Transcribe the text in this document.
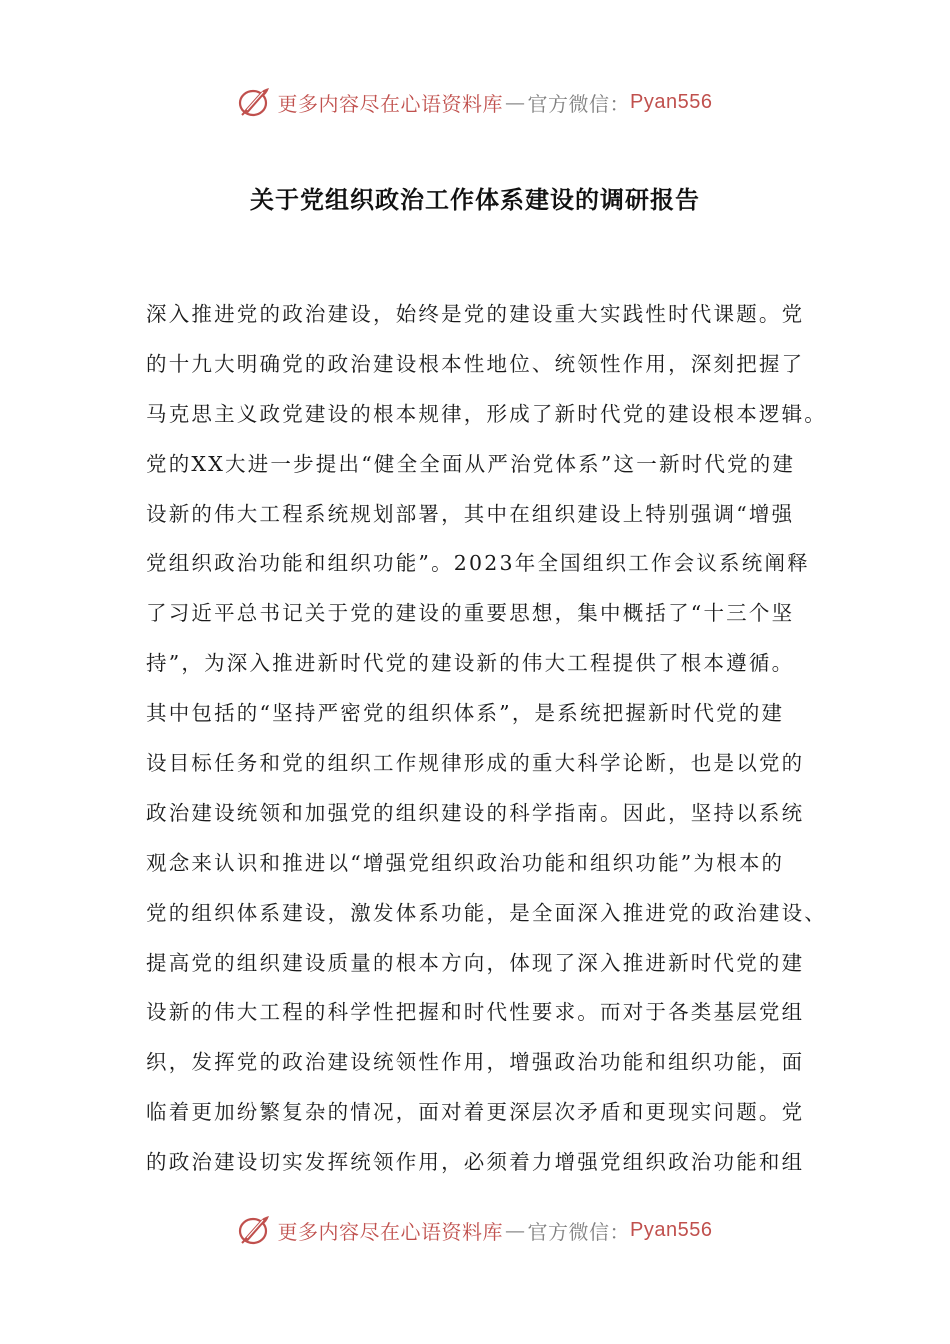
更多内容尽在心语资料库 — 官方微信： Pyan556
关于党组织政治工作体系建设的调研报告
深入推进党的政治建设，始终是党的建设重大实践性时代课题。党
的十九大明确党的政治建设根本性地位、统领性作用，深刻把握了
马克思主义政党建设的根本规律，形成了新时代党的建设根本逻辑。
党的XX大进一步提出“健全全面从严治党体系”这一新时代党的建
设新的伟大工程系统规划部署，其中在组织建设上特别强调“增强
党组织政治功能和组织功能”。2023年全国组织工作会议系统阐释
了习近平总书记关于党的建设的重要思想，集中概括了“十三个坚
持”，为深入推进新时代党的建设新的伟大工程提供了根本遵循。
其中包括的“坚持严密党的组织体系”，是系统把握新时代党的建
设目标任务和党的组织工作规律形成的重大科学论断，也是以党的
政治建设统领和加强党的组织建设的科学指南。因此，坚持以系统
观念来认识和推进以“增强党组织政治功能和组织功能”为根本的
党的组织体系建设，激发体系功能，是全面深入推进党的政治建设、
提高党的组织建设质量的根本方向，体现了深入推进新时代党的建
设新的伟大工程的科学性把握和时代性要求。而对于各类基层党组
织，发挥党的政治建设统领性作用，增强政治功能和组织功能，面
临着更加纷繁复杂的情况，面对着更深层次矛盾和更现实问题。党
的政治建设切实发挥统领作用，必须着力增强党组织政治功能和组
更多内容尽在心语资料库 — 官方微信： Pyan556
